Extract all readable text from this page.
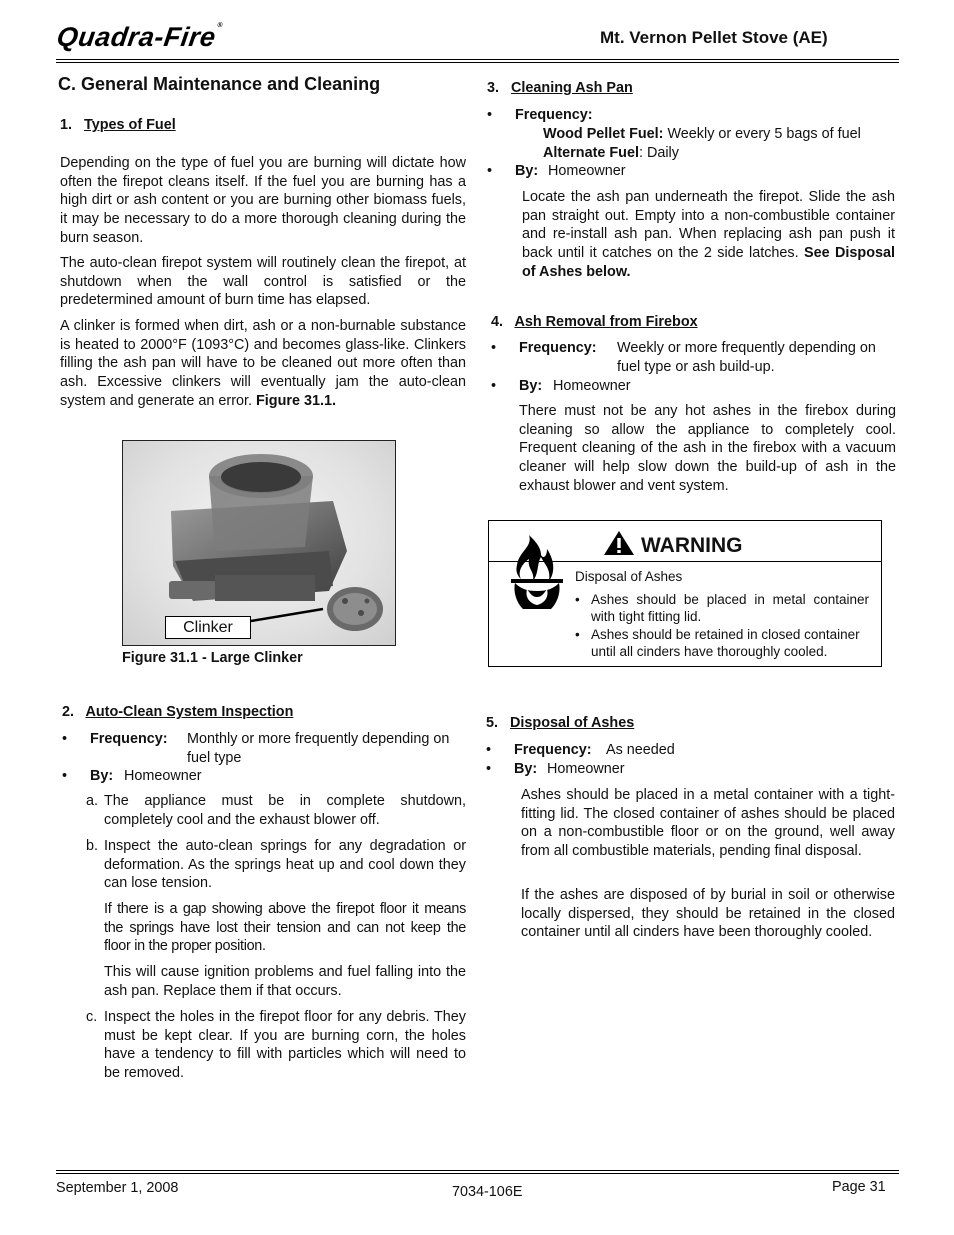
Quadra-Fire®
Mt. Vernon Pellet Stove (AE)
C. General Maintenance and Cleaning
1. Types of Fuel

Depending on the type of fuel you are burning will dictate how often the firepot cleans itself. If the fuel you are burning has a high dirt or ash content or you are burning other biomass fuels, it may be necessary to do a more thorough cleaning during the burn season.

The auto-clean firepot system will routinely clean the firepot, at shutdown when the wall control is satisfied or the predetermined amount of burn time has elapsed.

A clinker is formed when dirt, ash or a non-burnable substance is heated to 2000°F (1093°C) and becomes glass-like. Clinkers filling the ash pan will have to be cleaned out more often than ash. Excessive clinkers will eventually jam the auto-clean system and generate an error. Figure 31.1.

Clinker
Figure 31.1 - Large Clinker
2. Auto-Clean System Inspection
• Frequency: Monthly or more frequently depending on fuel type
• By: Homeowner
a. The appliance must be in complete shutdown, completely cool and the exhaust blower off.

b. Inspect the auto-clean springs for any degradation or deformation. As the springs heat up and cool down they can lose tension.

If there is a gap showing above the firepot floor it means the springs have lost their tension and can not keep the floor in the proper position.

This will cause ignition problems and fuel falling into the ash pan. Replace them if that occurs.

c. Inspect the holes in the firepot floor for any debris. They must be kept clear. If you are burning corn, the holes have a tendency to fill with particles which will need to be removed.

3. Cleaning Ash Pan
• Frequency:
Wood Pellet Fuel: Weekly or every 5 bags of fuel
Alternate Fuel: Daily
• By: Homeowner

Locate the ash pan underneath the firepot. Slide the ash pan straight out. Empty into a non-combustible container and re-install ash pan. When replacing ash pan push it back until it catches on the 2 side latches. See Disposal of Ashes below.

4. Ash Removal from Firebox
• Frequency: Weekly or more frequently depending on fuel type or ash build-up.
• By: Homeowner

There must not be any hot ashes in the firebox during cleaning so allow the appliance to completely cool. Frequent cleaning of the ash in the firebox with a vacuum cleaner will help slow down the build-up of ash in the exhaust blower and vent system.

WARNING
Disposal of Ashes
• Ashes should be placed in metal container with tight fitting lid.
• Ashes should be retained in closed container until all cinders have thoroughly cooled.
5. Disposal of Ashes
• Frequency: As needed
• By: Homeowner

Ashes should be placed in a metal container with a tight-fitting lid. The closed container of ashes should be placed on a non-combustible floor or on the ground, well away from all combustible materials, pending final disposal.

If the ashes are disposed of by burial in soil or otherwise locally dispersed, they should be retained in the closed container until all cinders have been thoroughly cooled.

September 1, 2008	7034-106E	Page 31
